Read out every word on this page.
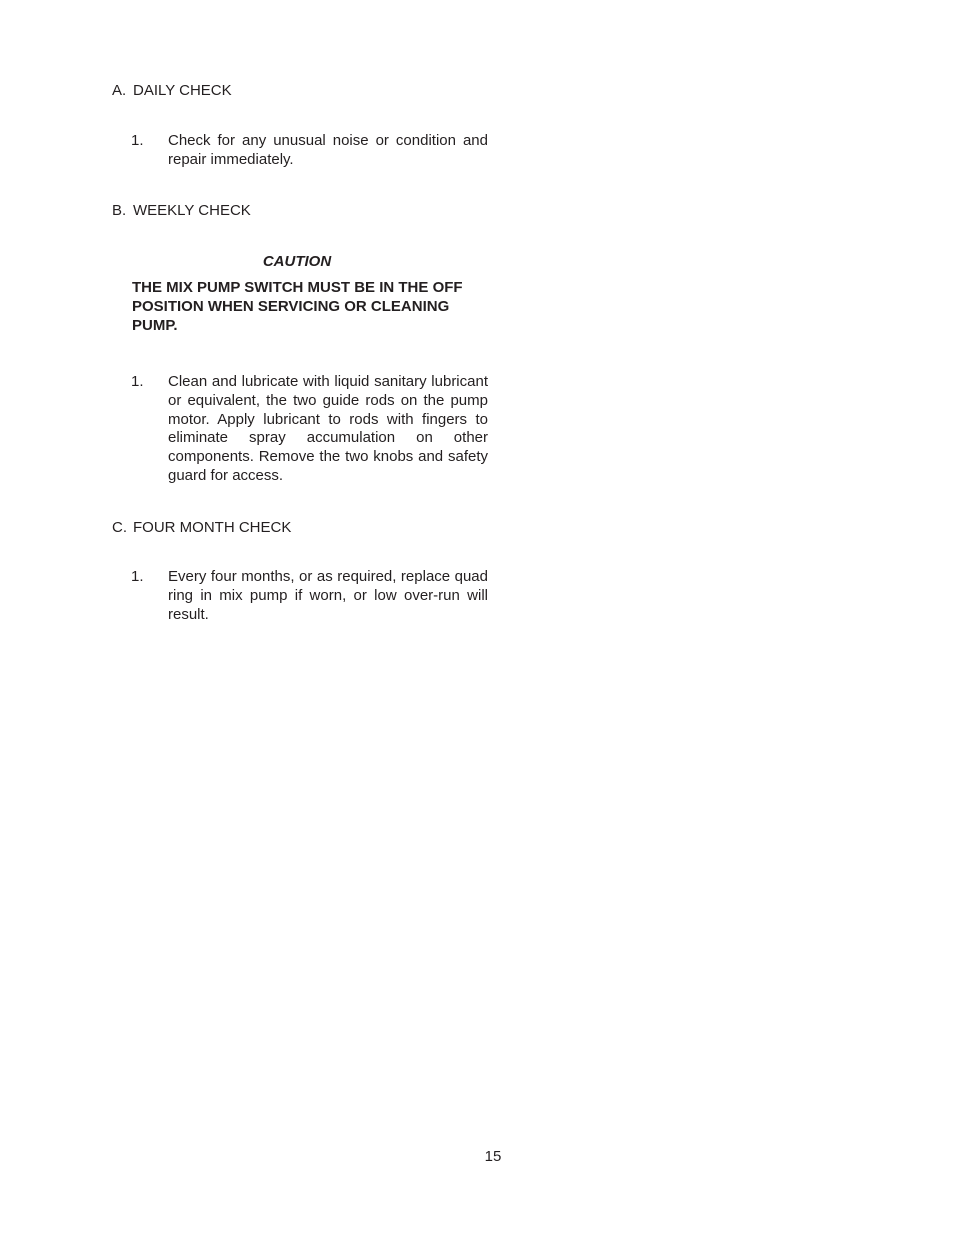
A. DAILY CHECK
1. Check for any unusual noise or condition and repair immediately.
B. WEEKLY CHECK
CAUTION
THE MIX PUMP SWITCH MUST BE IN THE OFF POSITION WHEN SERVICING OR CLEANING PUMP.
1. Clean and lubricate with liquid sanitary lubricant or equivalent, the two guide rods on the pump motor. Apply lubricant to rods with fingers to eliminate spray accumulation on other components. Remove the two knobs and safety guard for access.
C. FOUR MONTH CHECK
1. Every four months, or as required, replace quad ring in mix pump if worn, or low over-run will result.
15
